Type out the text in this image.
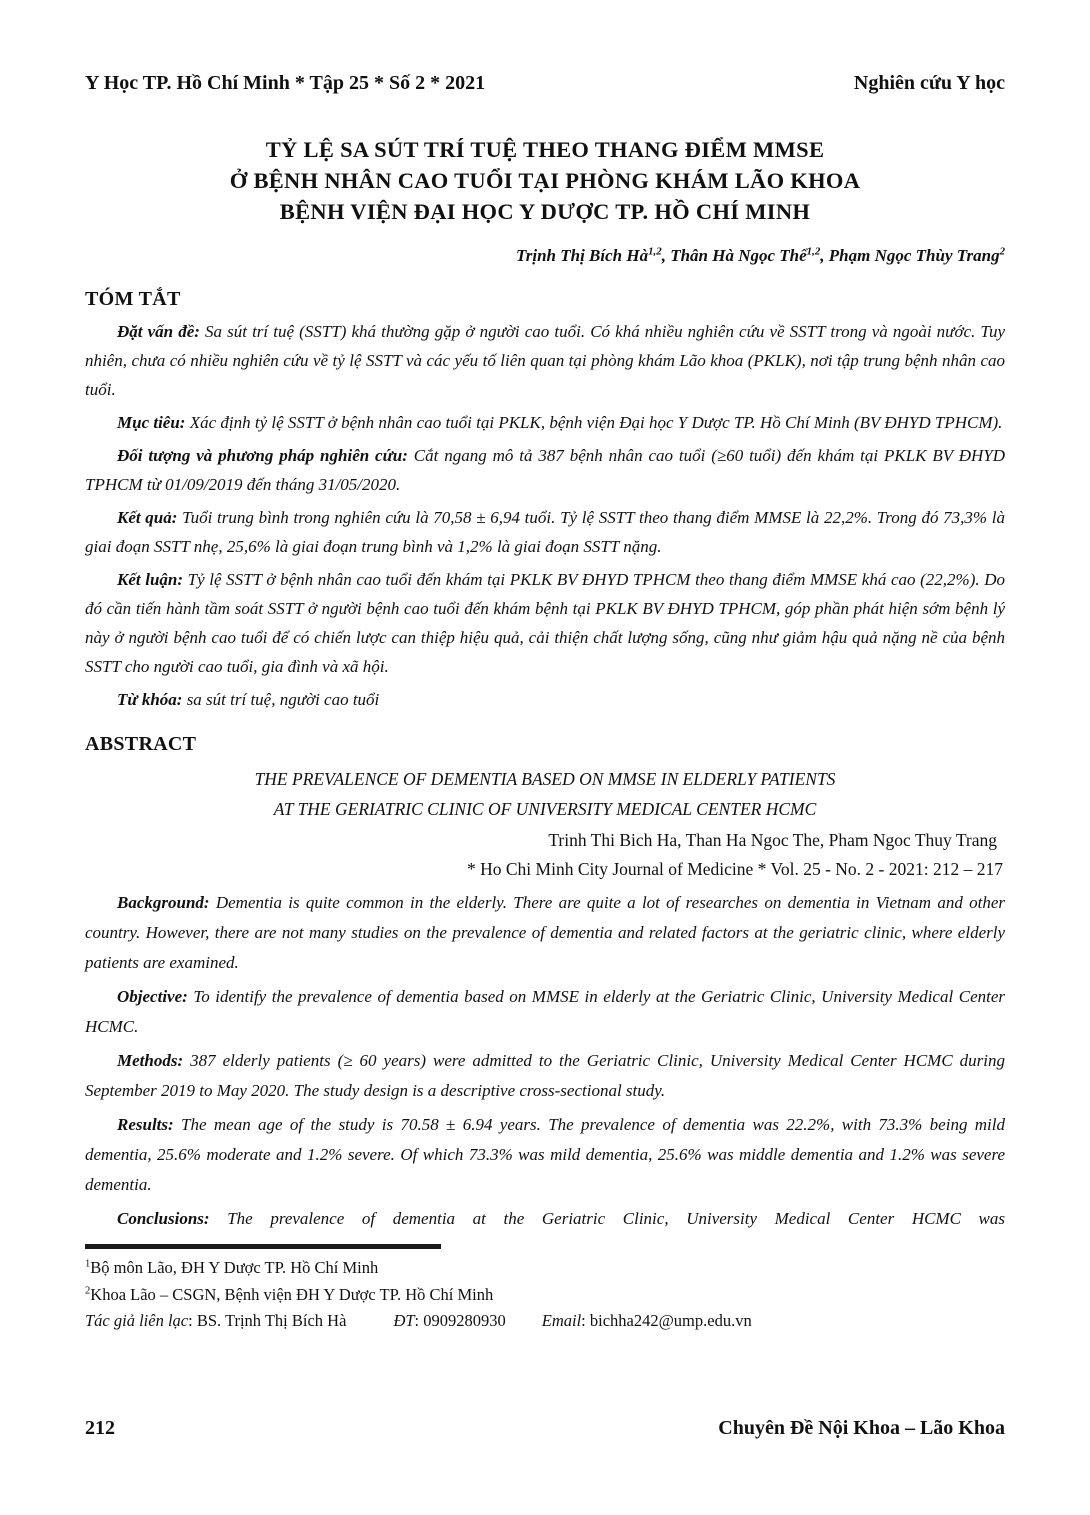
Y Học TP. Hồ Chí Minh * Tập 25 * Số 2 * 2021	Nghiên cứu Y học
TỶ LỆ SA SÚT TRÍ TUỆ THEO THANG ĐIỂM MMSE
Ở BỆNH NHÂN CAO TUỔI TẠI PHÒNG KHÁM LÃO KHOA
BỆNH VIỆN ĐẠI HỌC Y DƯỢC TP. HỒ CHÍ MINH
Trịnh Thị Bích Hà$^{1,2}$, Thân Hà Ngọc Thể$^{1,2}$, Phạm Ngọc Thùy Trang$^2$
TÓM TẮT

Đặt vấn đề: Sa sút trí tuệ (SSTT) khá thường gặp ở người cao tuổi. Có khá nhiều nghiên cứu về SSTT trong và ngoài nước. Tuy nhiên, chưa có nhiều nghiên cứu về tỷ lệ SSTT và các yếu tố liên quan tại phòng khám Lão khoa (PKLK), nơi tập trung bệnh nhân cao tuổi.

Mục tiêu: Xác định tỷ lệ SSTT ở bệnh nhân cao tuổi tại PKLK, bệnh viện Đại học Y Dược TP. Hồ Chí Minh (BV ĐHYD TPHCM).

Đối tượng và phương pháp nghiên cứu: Cắt ngang mô tả 387 bệnh nhân cao tuổi (≥60 tuổi) đến khám tại PKLK BV ĐHYD TPHCM từ 01/09/2019 đến tháng 31/05/2020.

Kết quả: Tuổi trung bình trong nghiên cứu là 70,58 ± 6,94 tuổi. Tỷ lệ SSTT theo thang điểm MMSE là 22,2%. Trong đó 73,3% là giai đoạn SSTT nhẹ, 25,6% là giai đoạn trung bình và 1,2% là giai đoạn SSTT nặng.

Kết luận: Tỷ lệ SSTT ở bệnh nhân cao tuổi đến khám tại PKLK BV ĐHYD TPHCM theo thang điểm MMSE khá cao (22,2%). Do đó cần tiến hành tầm soát SSTT ở người bệnh cao tuổi đến khám bệnh tại PKLK BV ĐHYD TPHCM, góp phần phát hiện sớm bệnh lý này ở người bệnh cao tuổi để có chiến lược can thiệp hiệu quả, cải thiện chất lượng sống, cũng như giảm hậu quả nặng nề của bệnh SSTT cho người cao tuổi, gia đình và xã hội.

Từ khóa: sa sút trí tuệ, người cao tuổi

ABSTRACT
THE PREVALENCE OF DEMENTIA BASED ON MMSE IN ELDERLY PATIENTS
AT THE GERIATRIC CLINIC OF UNIVERSITY MEDICAL CENTER HCMC
Trinh Thi Bich Ha, Than Ha Ngoc The, Pham Ngoc Thuy Trang
* Ho Chi Minh City Journal of Medicine * Vol. 25 - No. 2 - 2021: 212 – 217

Background: Dementia is quite common in the elderly. There are quite a lot of researches on dementia in Vietnam and other country. However, there are not many studies on the prevalence of dementia and related factors at the geriatric clinic, where elderly patients are examined.

Objective: To identify the prevalence of dementia based on MMSE in elderly at the Geriatric Clinic, University Medical Center HCMC.

Methods: 387 elderly patients (≥ 60 years) were admitted to the Geriatric Clinic, University Medical Center HCMC during September 2019 to May 2020. The study design is a descriptive cross-sectional study.

Results: The mean age of the study is 70.58 ± 6.94 years. The prevalence of dementia was 22.2%, with 73.3% being mild dementia, 25.6% moderate and 1.2% severe. Of which 73.3% was mild dementia, 25.6% was middle dementia and 1.2% was severe dementia.

Conclusions: The prevalence of dementia at the Geriatric Clinic, University Medical Center HCMC was

$^1$Bộ môn Lão, ĐH Y Dược TP. Hồ Chí Minh
$^2$Khoa Lão – CSGN, Bệnh viện ĐH Y Dược TP. Hồ Chí Minh
Tác giả liên lạc: BS. Trịnh Thị Bích Hà	ĐT: 0909280930 Email: bichha242@ump.edu.vn
212	Chuyên Đề Nội Khoa – Lão Khoa
